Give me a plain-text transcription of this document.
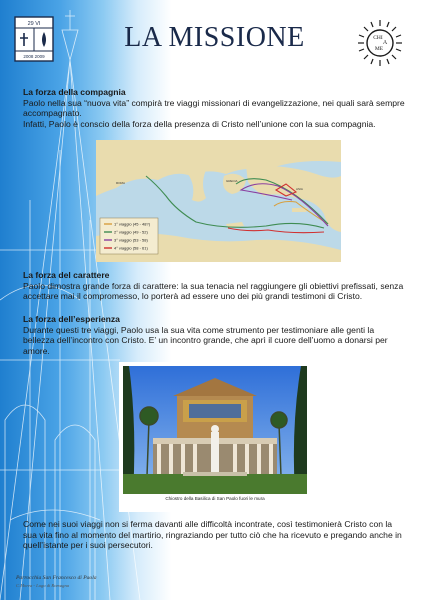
29 VI
2008 2009
LA MISSIONE	CHI
A
ME
La forza della compagnia

Paolo nella sua “nuova vita” compirà tre viaggi missionari di evangelizzazione, nei quali sarà sempre accompagnato.

Infatti, Paolo è conscio della forza della presenza di Cristo nell’unione con la sua compagnia.

ROMA	GRECIA
ASIA
1° viaggio (45 - 48?)
2° viaggio (49 - 52)
3° viaggio (53 - 58)
4° viaggio (58 - 61)
La forza del carattere

Paolo dimostra grande forza di carattere: la sua tenacia nel raggiungere gli obiettivi prefissati, senza accettare mai il compromesso, lo porterà ad essere uno dei più grandi testimoni di Cristo.

La forza dell’esperienza

Durante questi tre viaggi, Paolo usa la sua vita come strumento per testimoniare alle genti la bellezza dell’incontro con Cristo. E’ un incontro grande, che aprì il cuore dell’uomo a donarsi per amore.

Chiostro della Basilica di San Paolo fuori le mura

Come nei suoi viaggi non si ferma davanti alle difficoltà incontrate, così testimonierà Cristo con la sua vita fino al momento del martirio, ringraziando per tutto ciò che ha ricevuto e pregando anche in quell’istante per i suoi persecutori.

Parrocchia San Francesco di Paola
C.Morea - Lugo di Romagna
